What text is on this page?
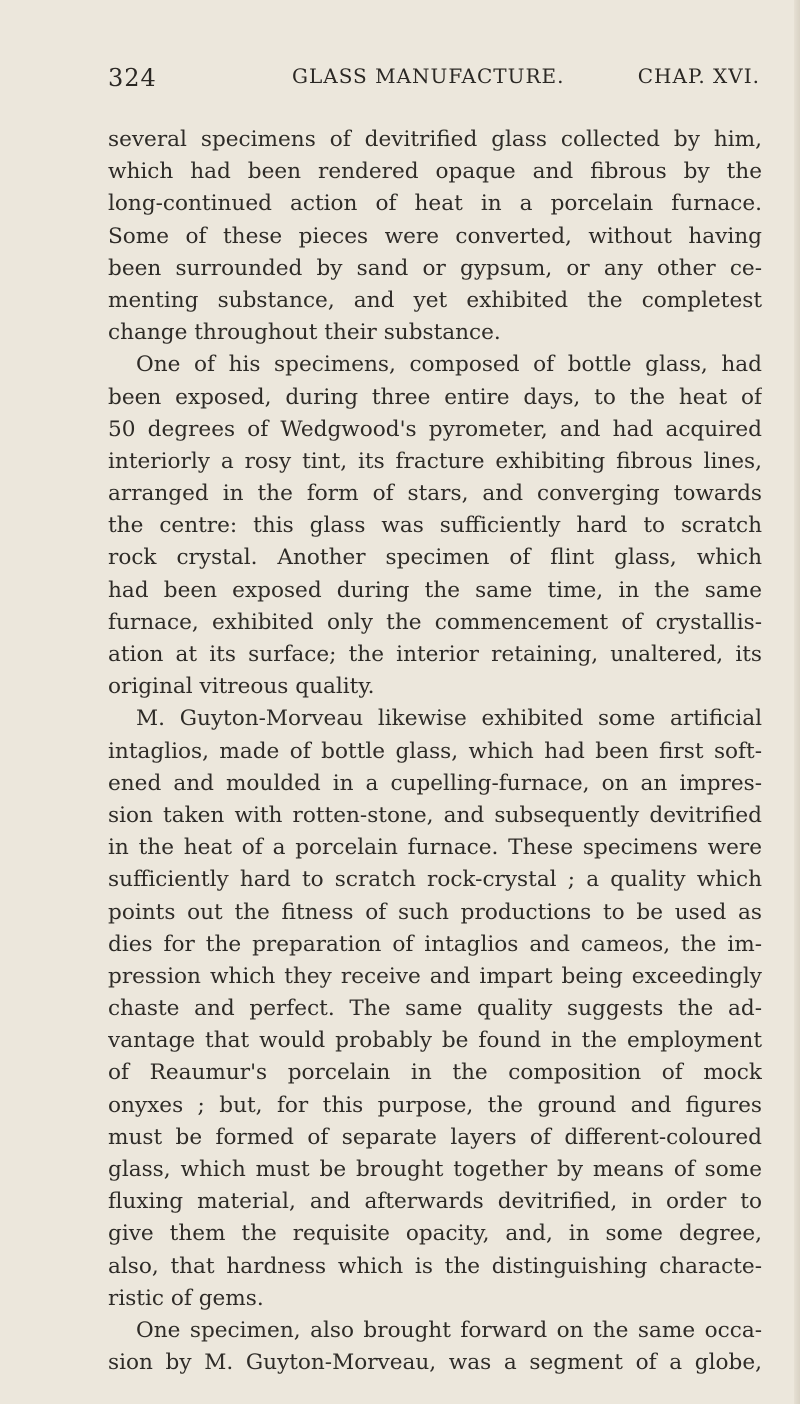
324	GLASS MANUFACTURE.	CHAP. XVI.
several specimens of devitrified glass collected by him,
which had been rendered opaque and fibrous by the
long-continued action of heat in a porcelain furnace.
Some of these pieces were converted, without having
been surrounded by sand or gypsum, or any other ce-
menting substance, and yet exhibited the completest
change throughout their substance.
One of his specimens, composed of bottle glass, had
been exposed, during three entire days, to the heat of
50 degrees of Wedgwood's pyrometer, and had acquired
interiorly a rosy tint, its fracture exhibiting fibrous lines,
arranged in the form of stars, and converging towards
the centre: this glass was sufficiently hard to scratch
rock crystal. Another specimen of flint glass, which
had been exposed during the same time, in the same
furnace, exhibited only the commencement of crystallis-
ation at its surface; the interior retaining, unaltered, its
original vitreous quality.
M. Guyton-Morveau likewise exhibited some artificial
intaglios, made of bottle glass, which had been first soft-
ened and moulded in a cupelling-furnace, on an impres-
sion taken with rotten-stone, and subsequently devitrified
in the heat of a porcelain furnace. These specimens were
sufficiently hard to scratch rock-crystal ; a quality which
points out the fitness of such productions to be used as
dies for the preparation of intaglios and cameos, the im-
pression which they receive and impart being exceedingly
chaste and perfect. The same quality suggests the ad-
vantage that would probably be found in the employment
of Reaumur's porcelain in the composition of mock
onyxes ; but, for this purpose, the ground and figures
must be formed of separate layers of different-coloured
glass, which must be brought together by means of some
fluxing material, and afterwards devitrified, in order to
give them the requisite opacity, and, in some degree,
also, that hardness which is the distinguishing characte-
ristic of gems.
One specimen, also brought forward on the same occa-
sion by M. Guyton-Morveau, was a segment of a globe,
